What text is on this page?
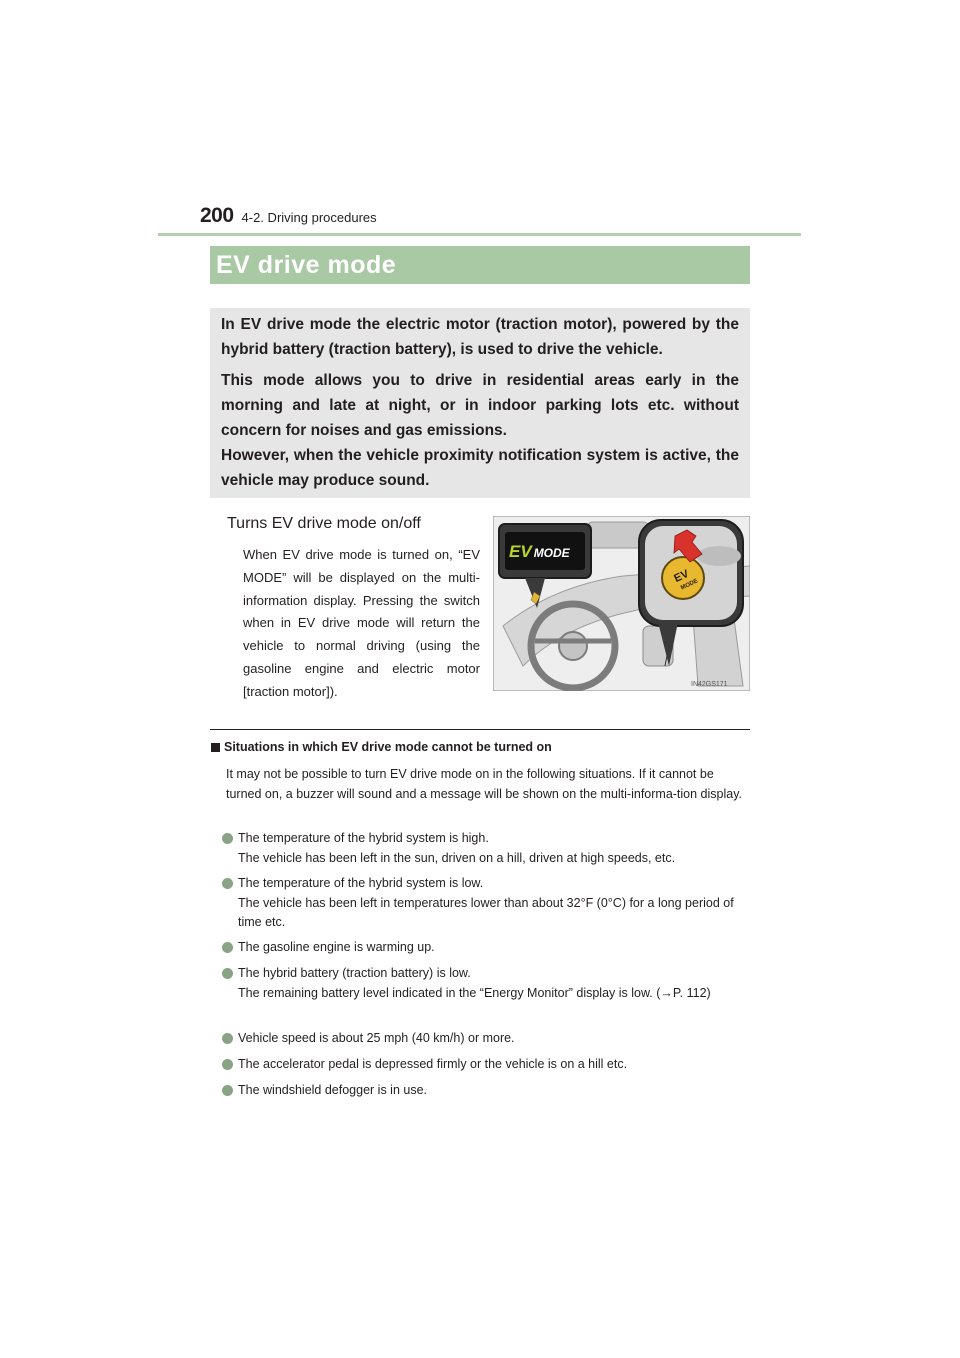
200 4-2. Driving procedures
EV drive mode

In EV drive mode the electric motor (traction motor), powered by the hybrid battery (traction battery), is used to drive the vehicle.

This mode allows you to drive in residential areas early in the morning and late at night, or in indoor parking lots etc. without concern for noises and gas emissions.

However, when the vehicle proximity notification system is active, the vehicle may produce sound.

Turns EV drive mode on/off
When EV drive mode is turned on, “EV MODE” will be displayed on the multi-information display. Pressing the switch when in EV drive mode will return the vehicle to normal driving (using the gasoline engine and electric motor [traction motor]).
EV MODE
EV
MODE
IN42GS171
Situations in which EV drive mode cannot be turned on
It may not be possible to turn EV drive mode on in the following situations. If it cannot be turned on, a buzzer will sound and a message will be shown on the multi-informa-tion display.
The temperature of the hybrid system is high.
The vehicle has been left in the sun, driven on a hill, driven at high speeds, etc.
The temperature of the hybrid system is low.
The vehicle has been left in temperatures lower than about 32°F (0°C) for a long period of time etc.
The gasoline engine is warming up.
The hybrid battery (traction battery) is low.
The remaining battery level indicated in the “Energy Monitor” display is low. (→P. 112)
Vehicle speed is about 25 mph (40 km/h) or more.
The accelerator pedal is depressed firmly or the vehicle is on a hill etc.
The windshield defogger is in use.
